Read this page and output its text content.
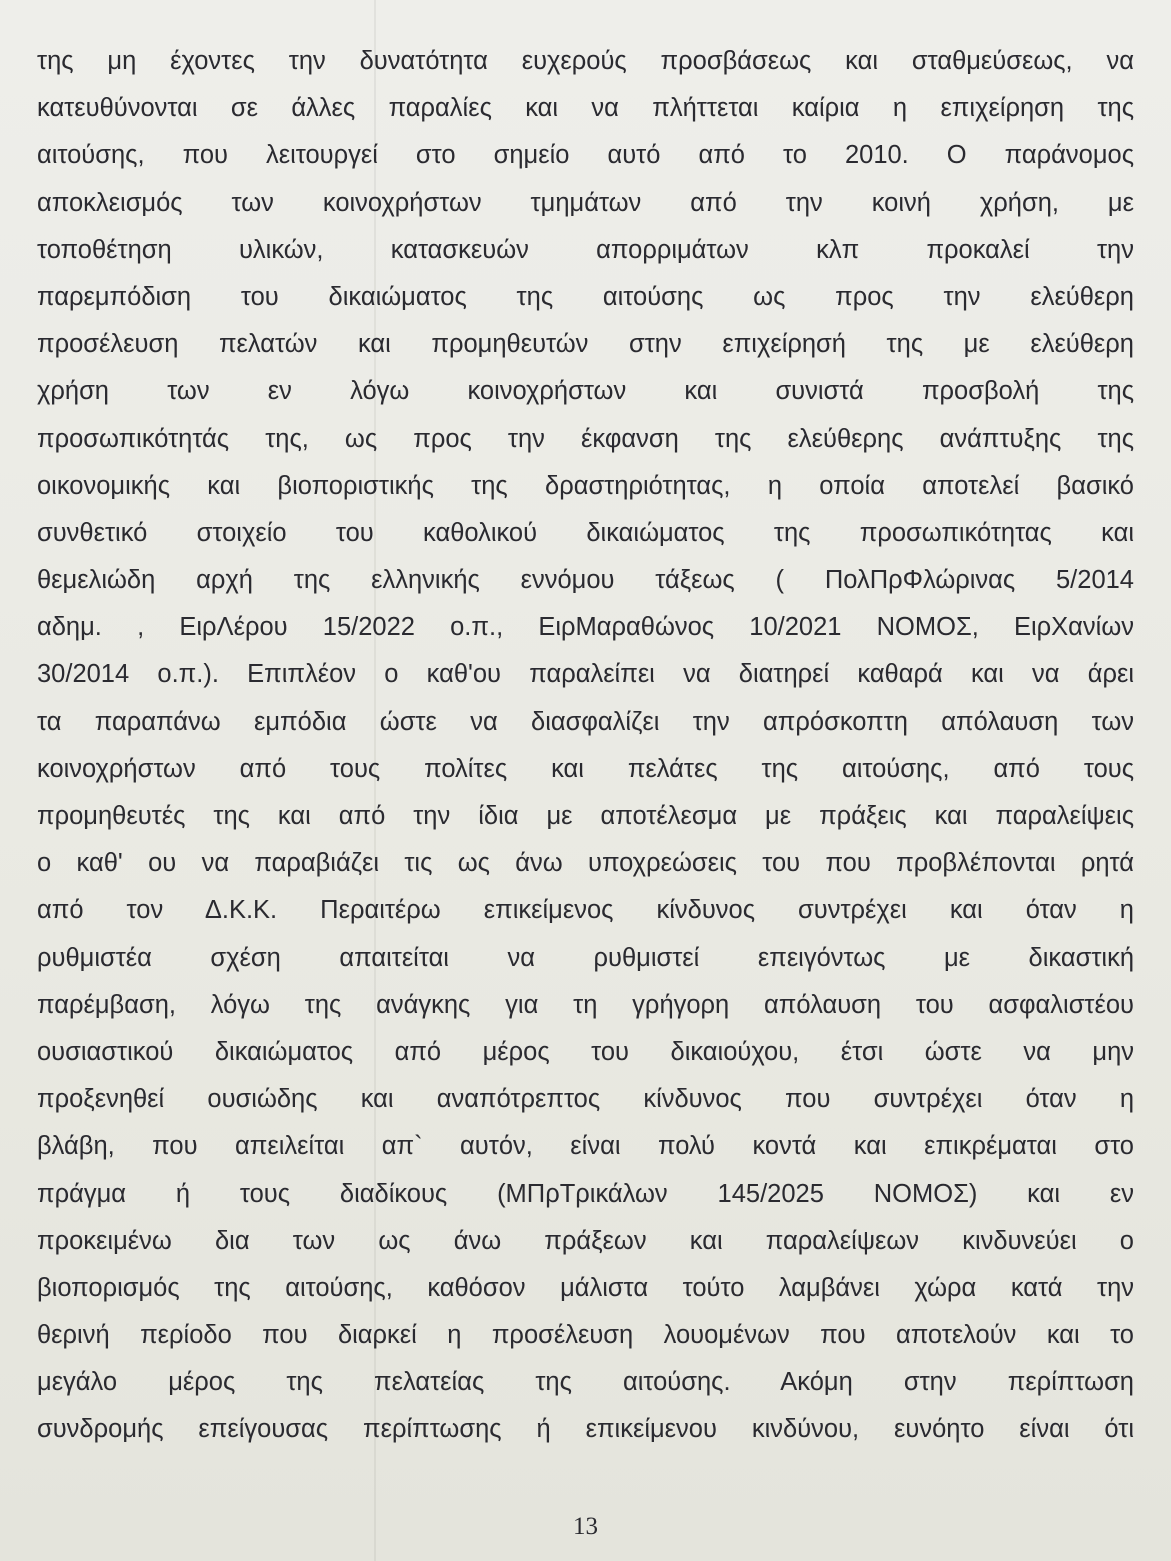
της μη έχοντες την δυνατότητα ευχερούς προσβάσεως και σταθμεύσεως, να
κατευθύνονται σε άλλες παραλίες και να πλήττεται καίρια η επιχείρηση της
αιτούσης, που λειτουργεί στο σημείο αυτό από το 2010. Ο παράνομος
αποκλεισμός των κοινοχρήστων τμημάτων από την κοινή χρήση, με
τοποθέτηση υλικών, κατασκευών απορριμάτων κλπ προκαλεί την
παρεμπόδιση του δικαιώματος της αιτούσης ως προς την ελεύθερη
προσέλευση πελατών και προμηθευτών στην επιχείρησή της με ελεύθερη
χρήση των εν λόγω κοινοχρήστων και συνιστά προσβολή της
προσωπικότητάς της, ως προς την έκφανση της ελεύθερης ανάπτυξης της
οικονομικής και βιοποριστικής της δραστηριότητας, η οποία αποτελεί βασικό
συνθετικό στοιχείο του καθολικού δικαιώματος της προσωπικότητας και
θεμελιώδη αρχή της ελληνικής εννόμου τάξεως ( ΠολΠρΦλώρινας 5/2014
αδημ. , ΕιρΛέρου 15/2022 ο.π., ΕιρΜαραθώνος 10/2021 ΝΟΜΟΣ, ΕιρΧανίων
30/2014 ο.π.). Επιπλέον ο καθ'ου παραλείπει να διατηρεί καθαρά και να άρει
τα παραπάνω εμπόδια ώστε να διασφαλίζει την απρόσκοπτη απόλαυση των
κοινοχρήστων από τους πολίτες και πελάτες της αιτούσης, από τους
προμηθευτές της και από την ίδια με αποτέλεσμα με πράξεις και παραλείψεις
ο καθ' ου να παραβιάζει τις ως άνω υποχρεώσεις του που προβλέπονται ρητά
από τον Δ.Κ.Κ. Περαιτέρω επικείμενος κίνδυνος συντρέχει και όταν η
ρυθμιστέα σχέση απαιτείται να ρυθμιστεί επειγόντως με δικαστική
παρέμβαση, λόγω της ανάγκης για τη γρήγορη απόλαυση του ασφαλιστέου
ουσιαστικού δικαιώματος από μέρος του δικαιούχου, έτσι ώστε να μην
προξενηθεί ουσιώδης και αναπότρεπτος κίνδυνος που συντρέχει όταν η
βλάβη, που απειλείται απ` αυτόν, είναι πολύ κοντά και επικρέμαται στο
πράγμα ή τους διαδίκους (ΜΠρΤρικάλων 145/2025 ΝΟΜΟΣ) και εν
προκειμένω δια των ως άνω πράξεων και παραλείψεων κινδυνεύει ο
βιοπορισμός της αιτούσης, καθόσον μάλιστα τούτο λαμβάνει χώρα κατά την
θερινή περίοδο που διαρκεί η προσέλευση λουομένων που αποτελούν και το
μεγάλο μέρος της πελατείας της αιτούσης. Ακόμη στην περίπτωση
συνδρομής επείγουσας περίπτωσης ή επικείμενου κινδύνου, ευνόητο είναι ότι
13
